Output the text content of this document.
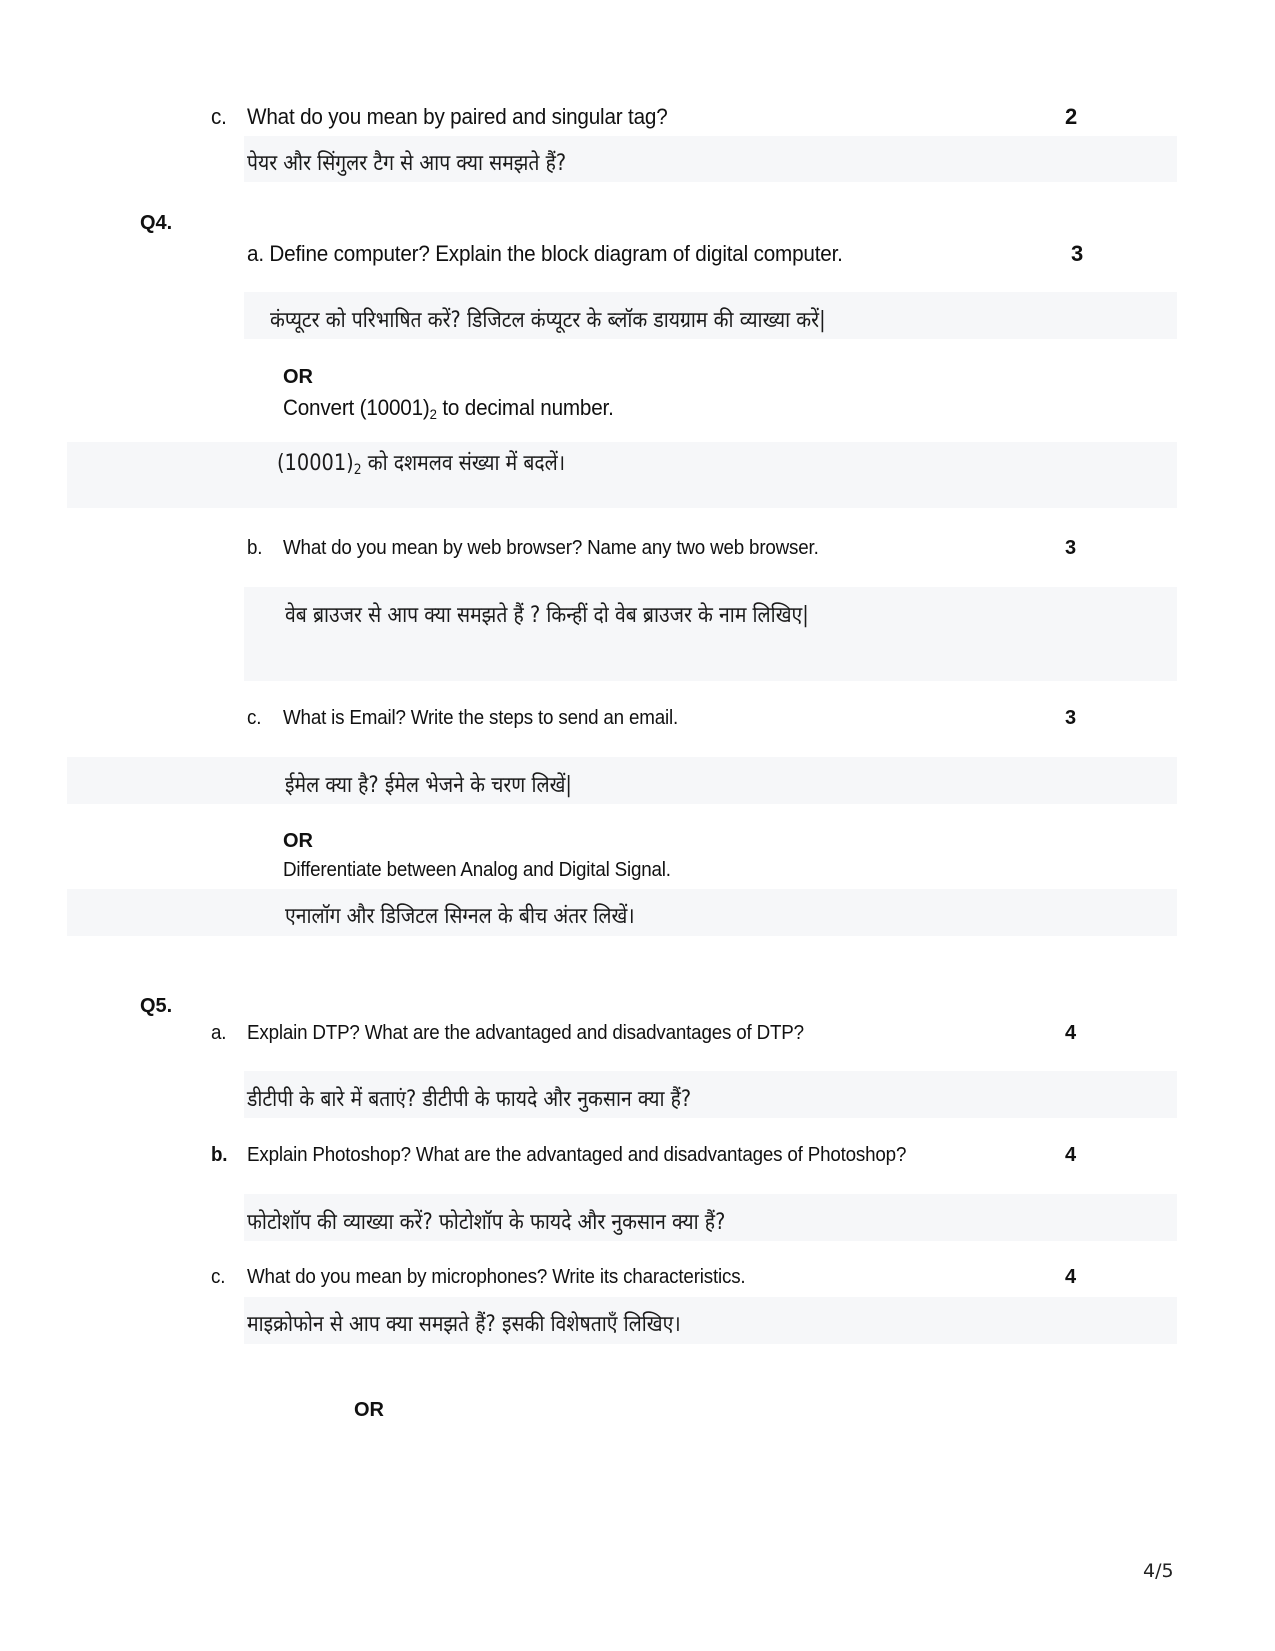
c. What do you mean by paired and singular tag?	2
पेयर और सिंगुलर टैग से आप क्या समझते हैं?
Q4.
a. Define computer? Explain the block diagram of digital computer.	3
कंप्यूटर को परिभाषित करें? डिजिटल कंप्यूटर के ब्लॉक डायग्राम की व्याख्या करें|
OR
Convert $(10001)_2$ to decimal number.
$(10001)_2$ को दशमलव संख्या में बदलें।
b. What do you mean by web browser? Name any two web browser.	3
वेब ब्राउजर से आप क्या समझते हैं ? किन्हीं दो वेब ब्राउजर के नाम लिखिए|
c. What is Email? Write the steps to send an email.	3
ईमेल क्या है? ईमेल भेजने के चरण लिखें|
OR
Differentiate between Analog and Digital Signal.
एनालॉग और डिजिटल सिग्नल के बीच अंतर लिखें।
Q5.
a. Explain DTP? What are the advantaged and disadvantages of DTP?	4
डीटीपी के बारे में बताएं? डीटीपी के फायदे और नुकसान क्या हैं?
b. Explain Photoshop? What are the advantaged and disadvantages of Photoshop?	4
फोटोशॉप की व्याख्या करें? फोटोशॉप के फायदे और नुकसान क्या हैं?
c. What do you mean by microphones? Write its characteristics.	4
माइक्रोफोन से आप क्या समझते हैं? इसकी विशेषताएँ लिखिए।
OR
4/5
